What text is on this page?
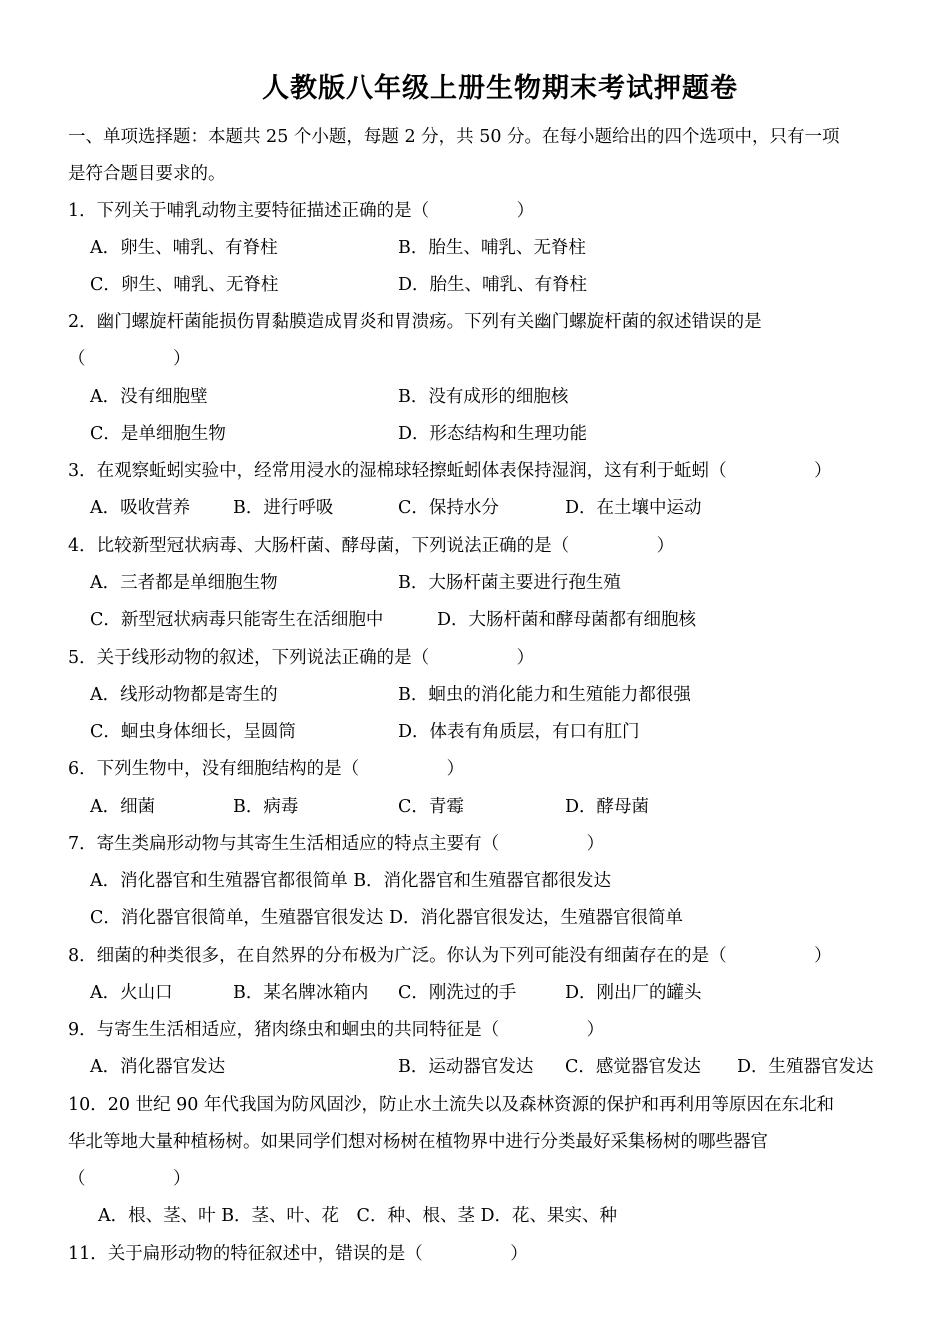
人教版八年级上册生物期末考试押题卷
一、单项选择题：本题共 25 个小题，每题 2 分，共 50 分。在每小题给出的四个选项中，只有一项
是符合题目要求的。
1．下列关于哺乳动物主要特征描述正确的是（　　　　　）
A．卵生、哺乳、有脊柱	B．胎生、哺乳、无脊柱
C．卵生、哺乳、无脊柱	D．胎生、哺乳、有脊柱
2．幽门螺旋杆菌能损伤胃黏膜造成胃炎和胃溃疡。下列有关幽门螺旋杆菌的叙述错误的是
（　　　　　）
A．没有细胞壁	B．没有成形的细胞核
C．是单细胞生物	D．形态结构和生理功能
3．在观察蚯蚓实验中，经常用浸水的湿棉球轻擦蚯蚓体表保持湿润，这有利于蚯蚓（　　　　　）
A．吸收营养 B．进行呼吸	C．保持水分	D．在土壤中运动
4．比较新型冠状病毒、大肠杆菌、酵母菌，下列说法正确的是（　　　　　）
A．三者都是单细胞生物	B．大肠杆菌主要进行孢生殖
C．新型冠状病毒只能寄生在活细胞中	D．大肠杆菌和酵母菌都有细胞核
5．关于线形动物的叙述，下列说法正确的是（　　　　　）
A．线形动物都是寄生的	B．蛔虫的消化能力和生殖能力都很强
C．蛔虫身体细长，呈圆筒	D．体表有角质层，有口有肛门
6．下列生物中，没有细胞结构的是（　　　　　）
A．细菌	B．病毒	C．青霉	D．酵母菌
7．寄生类扁形动物与其寄生生活相适应的特点主要有（　　　　　）
A．消化器官和生殖器官都很简单 B．消化器官和生殖器官都很发达
C．消化器官很简单，生殖器官很发达 D．消化器官很发达，生殖器官很简单
8．细菌的种类很多，在自然界的分布极为广泛。你认为下列可能没有细菌存在的是（　　　　　）
A．火山口	B．某名牌冰箱内 C．刚洗过的手	D．刚出厂的罐头
9．与寄生生活相适应，猪肉绦虫和蛔虫的共同特征是（　　　　　）
A．消化器官发达	B．运动器官发达 C．感觉器官发达 D．生殖器官发达
10．20 世纪 90 年代我国为防风固沙，防止水土流失以及森林资源的保护和再利用等原因在东北和
华北等地大量种植杨树。如果同学们想对杨树在植物界中进行分类最好采集杨树的哪些器官
（　　　　　）
A．根、茎、叶 B．茎、叶、花　C．种、根、茎 D．花、果实、种
11．关于扁形动物的特征叙述中，错误的是（　　　　　）
